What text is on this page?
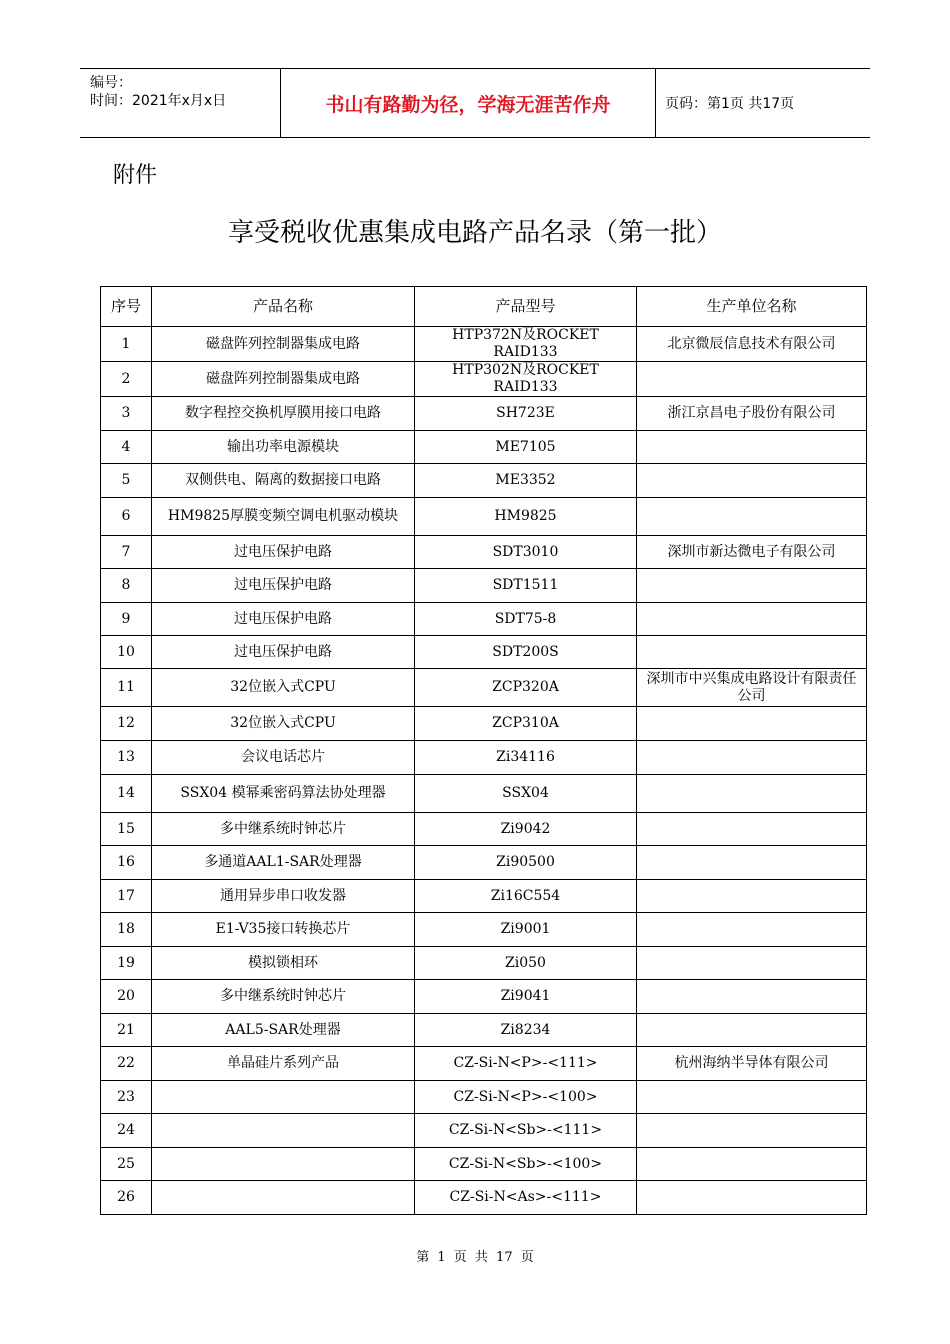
编号：
时间：2021年x月x日	书山有路勤为径，学海无涯苦作舟	页码：第1页 共17页
附件
享受税收优惠集成电路产品名录（第一批）
序号	产品名称	产品型号	生产单位名称
1	磁盘阵列控制器集成电路	HTP372N及ROCKET RAID133	北京微辰信息技术有限公司
2	磁盘阵列控制器集成电路	HTP302N及ROCKET RAID133	
3	数字程控交换机厚膜用接口电路	SH723E	浙江京昌电子股份有限公司
4	输出功率电源模块	ME7105	
5	双侧供电、隔离的数据接口电路	ME3352	
6	HM9825厚膜变频空调电机驱动模块	HM9825	
7	过电压保护电路	SDT3010	深圳市新达微电子有限公司
8	过电压保护电路	SDT1511	
9	过电压保护电路	SDT75-8	
10	过电压保护电路	SDT200S	
11	32位嵌入式CPU	ZCP320A	深圳市中兴集成电路设计有限责任公司
12	32位嵌入式CPU	ZCP310A	
13	会议电话芯片	Zi34116	
14	SSX04 模幂乘密码算法协处理器	SSX04	
15	多中继系统时钟芯片	Zi9042	
16	多通道AAL1-SAR处理器	Zi90500	
17	通用异步串口收发器	Zi16C554	
18	E1-V35接口转换芯片	Zi9001	
19	模拟锁相环	Zi050	
20	多中继系统时钟芯片	Zi9041	
21	AAL5-SAR处理器	Zi8234	
22	单晶硅片系列产品	CZ-Si-N<P>-<111>	杭州海纳半导体有限公司
23		CZ-Si-N<P>-<100>	
24		CZ-Si-N<Sb>-<111>	
25		CZ-Si-N<Sb>-<100>	
26		CZ-Si-N<As>-<111>	
第 1 页 共 17 页
